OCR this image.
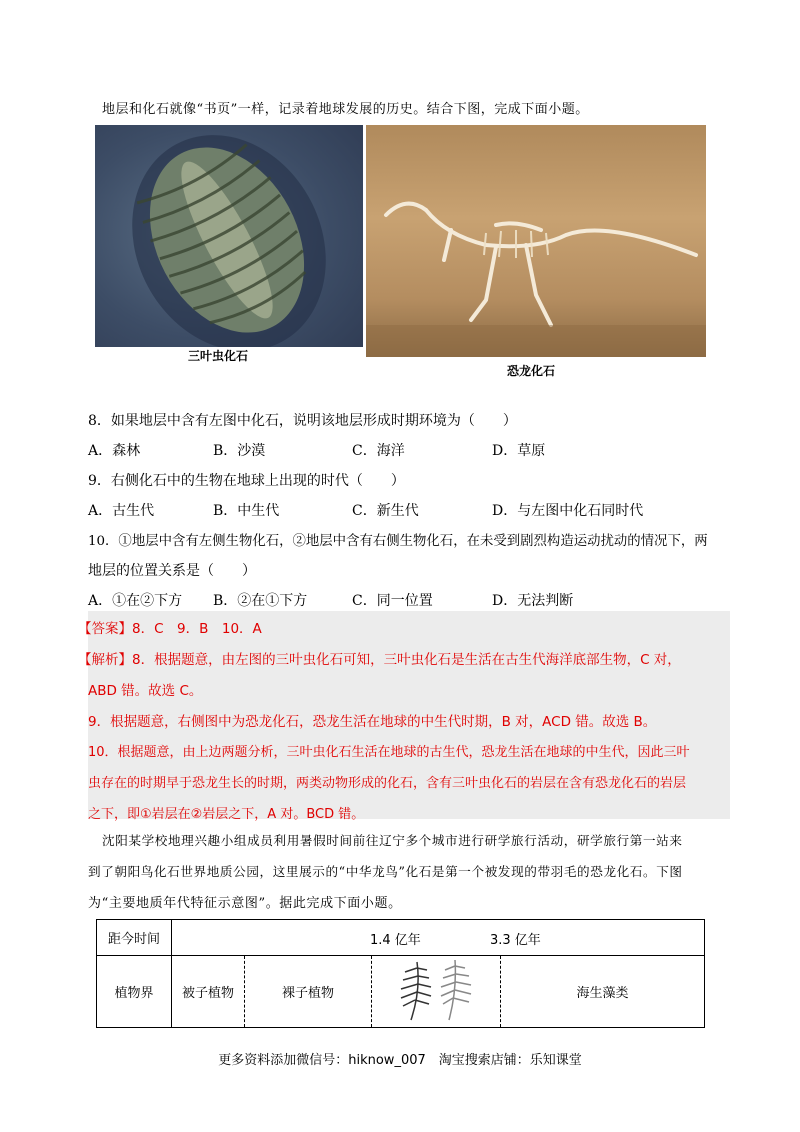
地层和化石就像“书页”一样，记录着地球发展的历史。结合下图，完成下面小题。
三叶虫化石
恐龙化石
8．如果地层中含有左图中化石，说明该地层形成时期环境为（　　）
A．森林	B．沙漠	C．海洋	D．草原
9．右侧化石中的生物在地球上出现的时代（　　）
A．古生代	B．中生代	C．新生代	D．与左图中化石同时代
10．①地层中含有左侧生物化石，②地层中含有右侧生物化石，在未受到剧烈构造运动扰动的情况下，两
地层的位置关系是（　　）
A．①在②下方 B．②在①下方	C．同一位置	D．无法判断
【答案】8．C　9．B　10．A
【解析】8．根据题意，由左图的三叶虫化石可知，三叶虫化石是生活在古生代海洋底部生物，C 对，
ABD 错。故选 C。
9．根据题意，右侧图中为恐龙化石，恐龙生活在地球的中生代时期，B 对，ACD 错。故选 B。
10．根据题意，由上边两题分析，三叶虫化石生活在地球的古生代，恐龙生活在地球的中生代，因此三叶
虫存在的时期早于恐龙生长的时期，两类动物形成的化石，含有三叶虫化石的岩层在含有恐龙化石的岩层
之下，即①岩层在②岩层之下，A 对。BCD 错。
沈阳某学校地理兴趣小组成员利用暑假时间前往辽宁多个城市进行研学旅行活动，研学旅行第一站来
到了朝阳鸟化石世界地质公园，这里展示的“中华龙鸟”化石是第一个被发现的带羽毛的恐龙化石。下图
为“主要地质年代特征示意图”。据此完成下面小题。
距今时间	1.4 亿年 3.3 亿年			

植物界	被子植物	裸子植物		海生藻类
更多资料添加微信号：hiknow_007　淘宝搜索店铺：乐知课堂
